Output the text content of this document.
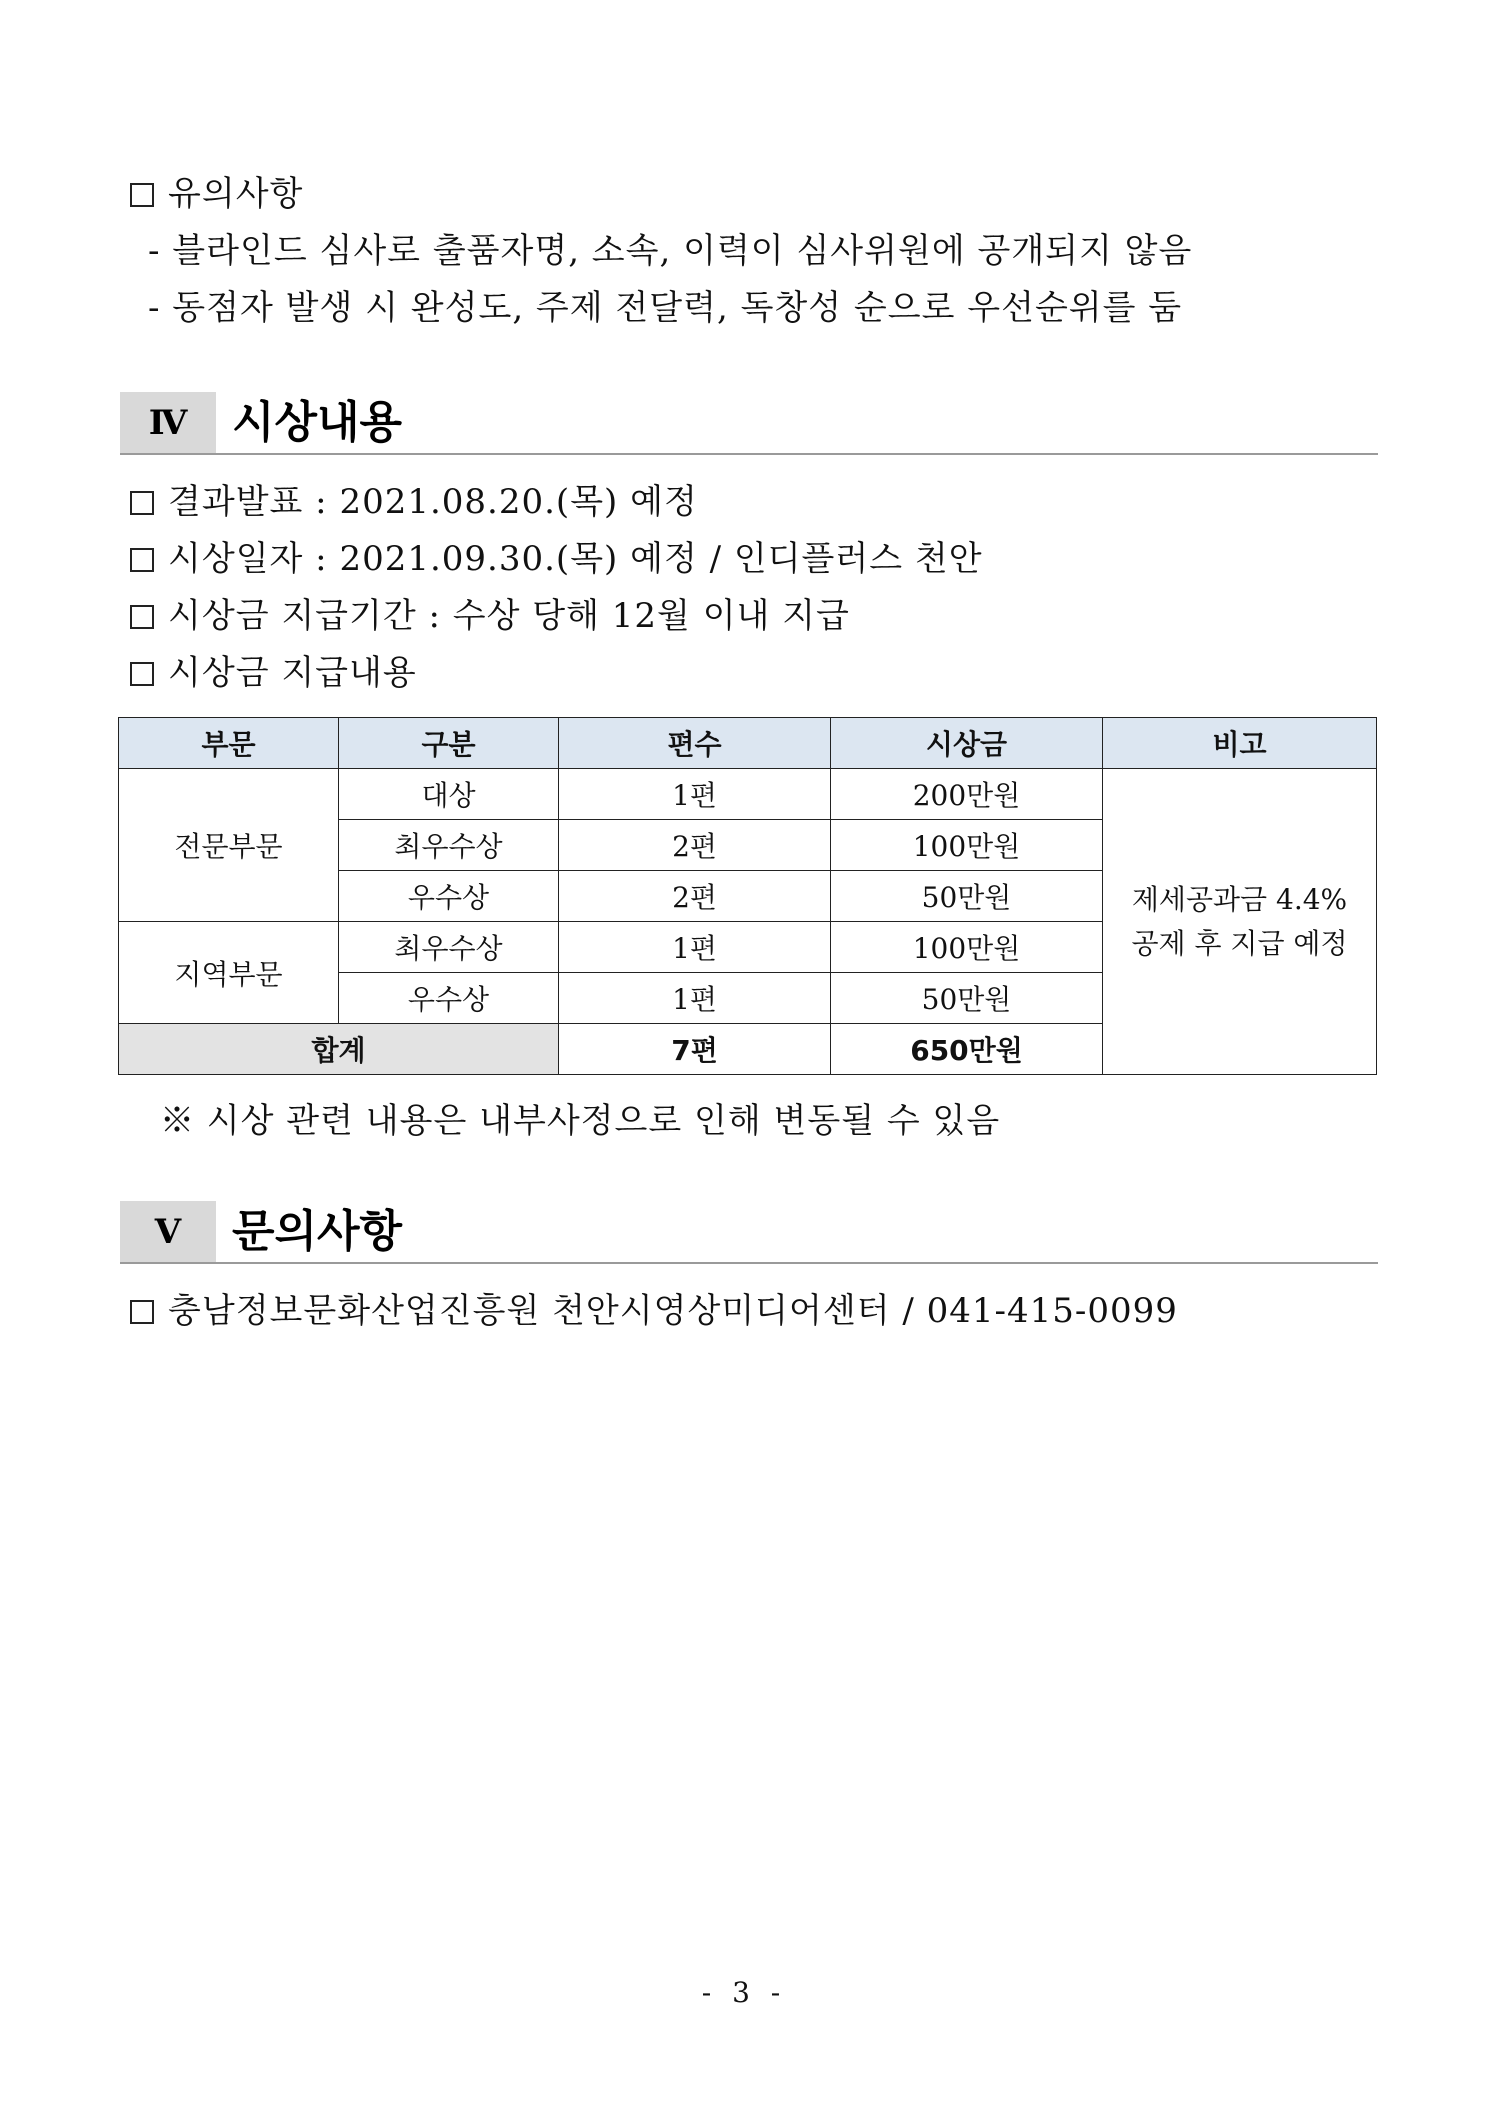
유의사항
- 블라인드 심사로 출품자명, 소속, 이력이 심사위원에 공개되지 않음
- 동점자 발생 시 완성도, 주제 전달력, 독창성 순으로 우선순위를 둠
Ⅳ	시상내용
결과발표 : 2021.08.20.(목) 예정
시상일자 : 2021.09.30.(목) 예정 / 인디플러스 천안
시상금 지급기간 : 수상 당해 12월 이내 지급
시상금 지급내용
부문	구분	편수	시상금	비고
전문부문	대상	1편	200만원	제세공과금 4.4%
공제 후 지급 예정

	최우수상	2편	100만원	
	우수상	2편	50만원	
지역부문	최우수상	1편	100만원	
	우수상	1편	50만원	
합계		7편	650만원	
※ 시상 관련 내용은 내부사정으로 인해 변동될 수 있음
Ⅴ	문의사항
충남정보문화산업진흥원 천안시영상미디어센터 / 041-415-0099
- 3 -
